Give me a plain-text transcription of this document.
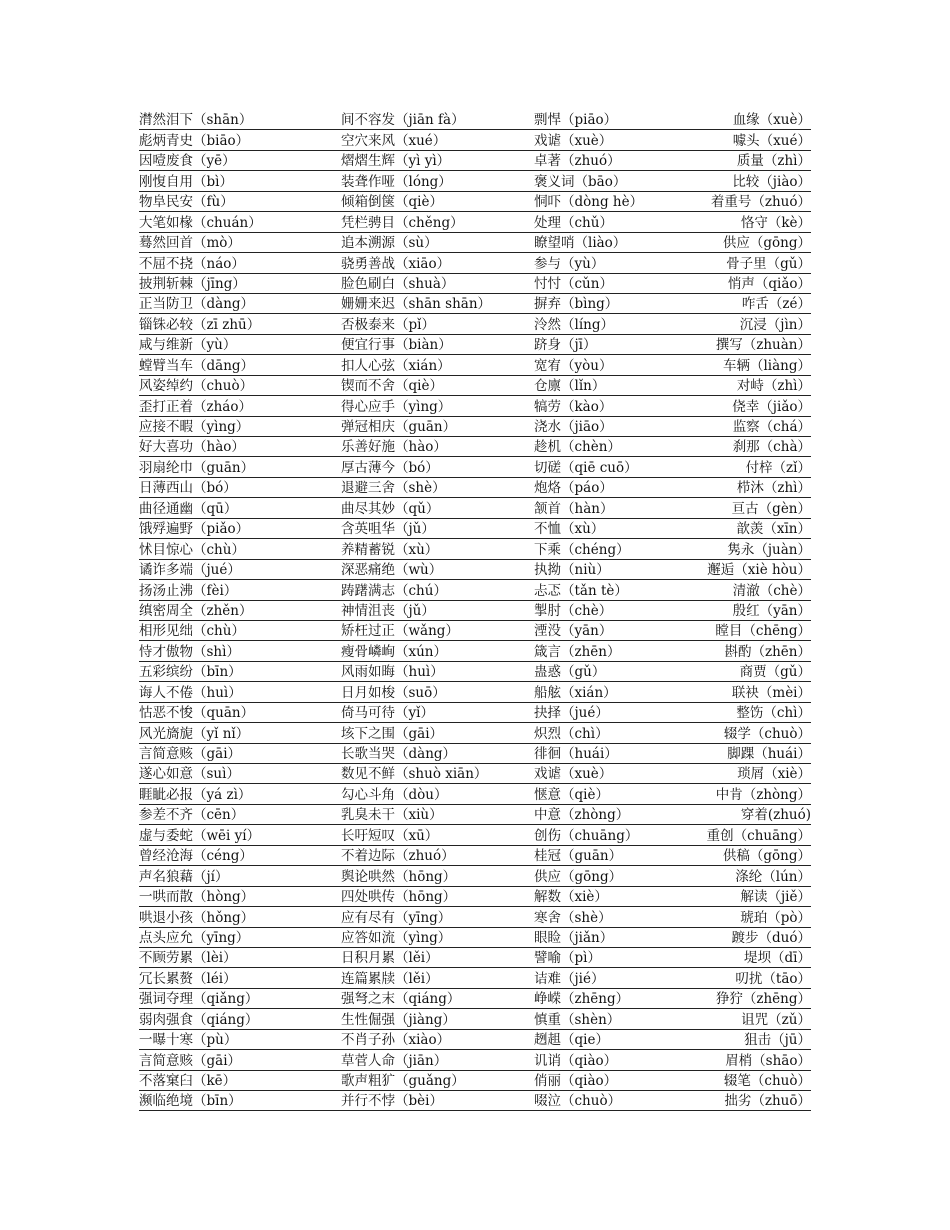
潸然泪下（shān）	间不容发（jiān fà）	剽悍（piāo）	血缘（xuè）
彪炳青史（biāo）	空穴来风（xué）	戏谑（xuè）	噱头（xué）
因噎废食（yē）	熠熠生辉（yì yì）	卓著（zhuó）	质量（zhì）
刚愎自用（bì）	装聋作哑（lóng）	褒义词（bāo）	比较（jiào）
物阜民安（fù）	倾箱倒箧（qiè）	恫吓（dòng hè）	着重号（zhuó）
大笔如椽（chuán）	凭栏骋目（chěng）	处理（chǔ）	恪守（kè）
蓦然回首（mò）	追本溯源（sù）	瞭望哨（liào）	供应（gōng）
不屈不挠（náo）	骁勇善战（xiāo）	参与（yù）	骨子里（gǔ）
披荆斩棘（jīng）	脸色刷白（shuà）	忖忖（cǔn）	悄声（qiǎo）
正当防卫（dàng）	姗姗来迟（shān shān）	摒弃（bìng）	咋舌（zé）
锱铢必较（zī zhū）	否极泰来（pǐ）	泠然（líng）	沉浸（jìn）
咸与维新（yù）	便宜行事（biàn）	跻身（jī）	撰写（zhuàn）
螳臂当车（dāng）	扣人心弦（xián）	宽宥（yòu）	车辆（liàng）
风姿绰约（chuò）	锲而不舍（qiè）	仓廪（lǐn）	对峙（zhì）
歪打正着（zháo）	得心应手（yìng）	犒劳（kào）	侥幸（jiǎo）
应接不暇（yìng）	弹冠相庆（guān）	浇水（jiāo）	监察（chá）
好大喜功（hào）	乐善好施（hào）	趁机（chèn）	刹那（chà）
羽扇纶巾（guān）	厚古薄今（bó）	切磋（qiē cuō）	付梓（zǐ）
日薄西山（bó）	退避三舍（shè）	炮烙（páo）	栉沐（zhì）
曲径通幽（qū）	曲尽其妙（qǔ）	颔首（hàn）	亘古（gèn）
饿殍遍野（piǎo）	含英咀华（jǔ）	不恤（xù）	歆羡（xīn）
怵目惊心（chù）	养精蓄锐（xù）	下乘（chéng）	隽永（juàn）
谲诈多端（jué）	深恶痛绝（wù）	执拗（niù）	邂逅（xiè hòu）
扬汤止沸（fèi）	踌躇满志（chú）	忐忑（tǎn tè）	清澈（chè）
缜密周全（zhěn）	神情沮丧（jǔ）	掣肘（chè）	殷红（yān）
相形见绌（chù）	矫枉过正（wǎng）	湮没（yān）	瞠目（chēng）
恃才傲物（shì）	瘦骨嶙峋（xún）	箴言（zhēn）	斟酌（zhēn）
五彩缤纷（bīn）	风雨如晦（huì）	蛊惑（gǔ）	商贾（gǔ）
诲人不倦（huì）	日月如梭（suō）	船舷（xián）	联袂（mèi）
怙恶不悛（quān）	倚马可待（yǐ）	抉择（jué）	整饬（chì）
风光旖旎（yǐ nǐ）	垓下之围（gāi）	炽烈（chì）	辍学（chuò）
言简意赅（gāi）	长歌当哭（dàng）	徘徊（huái）	脚踝（huái）
遂心如意（suì）	数见不鲜（shuò xiān）	戏谑（xuè）	琐屑（xiè）
睚眦必报（yá zì）	勾心斗角（dòu）	惬意（qiè）	中肯（zhòng）
参差不齐（cēn）	乳臭未干（xiù）	中意（zhòng）	穿着(zhuó)
虚与委蛇（wēi yí）	长吁短叹（xū）	创伤（chuāng）	重创（chuāng）
曾经沧海（céng）	不着边际（zhuó）	桂冠（guān）	供稿（gōng）
声名狼藉（jí）	舆论哄然（hōng）	供应（gōng）	涤纶（lún）
一哄而散（hòng）	四处哄传（hōng）	解数（xiè）	解读（jiě）
哄退小孩（hǒng）	应有尽有（yīng）	寒舍（shè）	琥珀（pò）
点头应允（yīng）	应答如流（yìng）	眼睑（jiǎn）	踱步（duó）
不顾劳累（lèi）	日积月累（lěi）	譬喻（pì）	堤坝（dī）
冗长累赘（léi）	连篇累牍（lěi）	诘难（jié）	叨扰（tāo）
强词夺理（qiǎng）	强弩之末（qiáng）	峥嵘（zhēng）	狰狞（zhēng）
弱肉强食（qiáng）	生性倔强（jiàng）	慎重（shèn）	诅咒（zǔ）
一曝十寒（pù）	不肖子孙（xiào）	趔趄（qie）	狙击（jū）
言简意赅（gāi）	草菅人命（jiān）	讥诮（qiào）	眉梢（shāo）
不落窠臼（kē）	歌声粗犷（guǎng）	俏丽（qiào）	辍笔（chuò）
濒临绝境（bīn）	并行不悖（bèi）	啜泣（chuò）	拙劣（zhuō）
